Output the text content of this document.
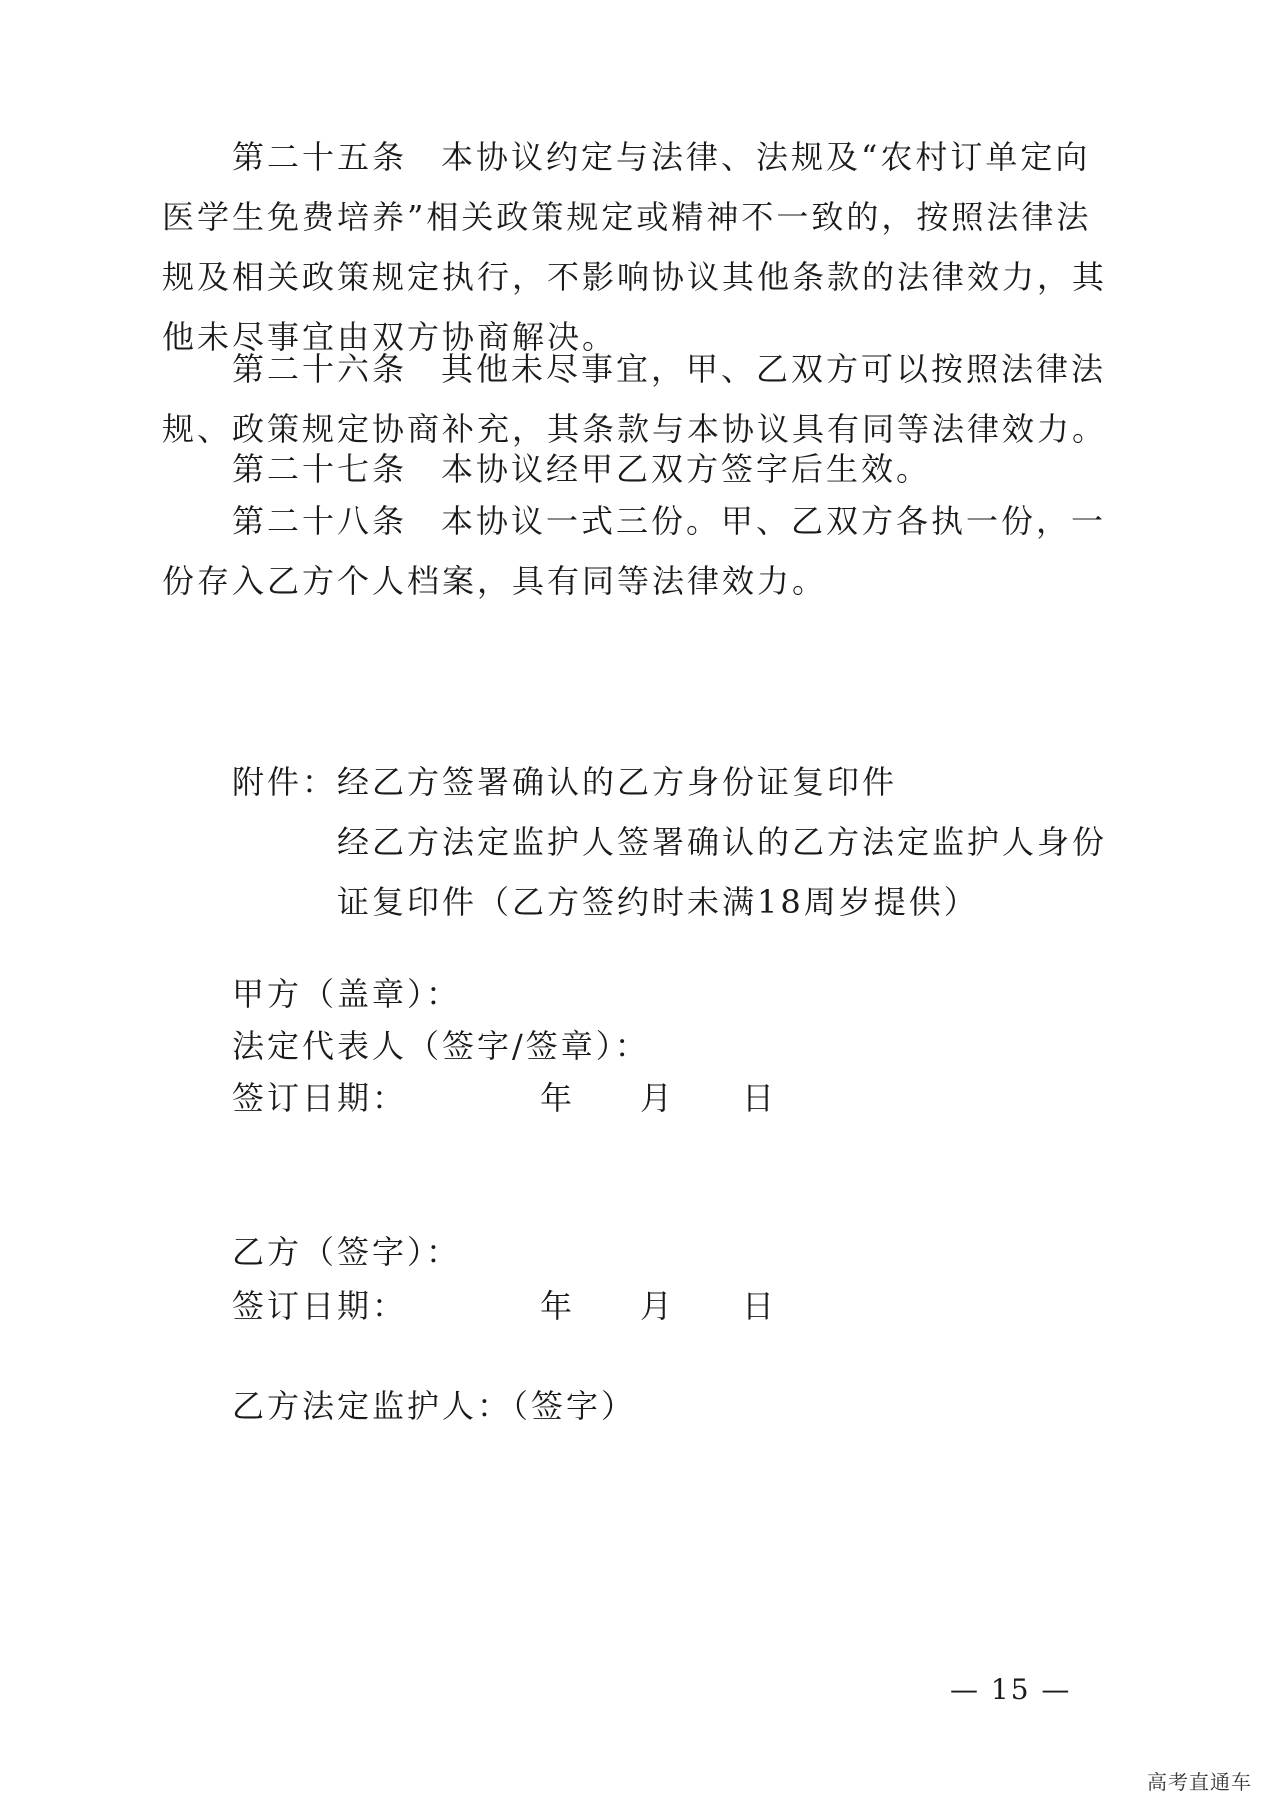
第二十五条 本协议约定与法律、法规及“农村订单定向医学生免费培养”相关政策规定或精神不一致的，按照法律法规及相关政策规定执行，不影响协议其他条款的法律效力，其他未尽事宜由双方协商解决。

第二十六条 其他未尽事宜，甲、乙双方可以按照法律法规、政策规定协商补充，其条款与本协议具有同等法律效力。

第二十七条 本协议经甲乙双方签字后生效。

第二十八条 本协议一式三份。甲、乙双方各执一份，一份存入乙方个人档案，具有同等法律效力。

附件： 经乙方签署确认的乙方身份证复印件
经乙方法定监护人签署确认的乙方法定监护人身份证复印件（乙方签约时未满18周岁提供）
甲方（盖章）：
法定代表人（签字/签章）：
签订日期：	年 月 日
乙方（签字）：
签订日期：	年 月 日
乙方法定监护人：（签字）
— 15 —
高考直通车
